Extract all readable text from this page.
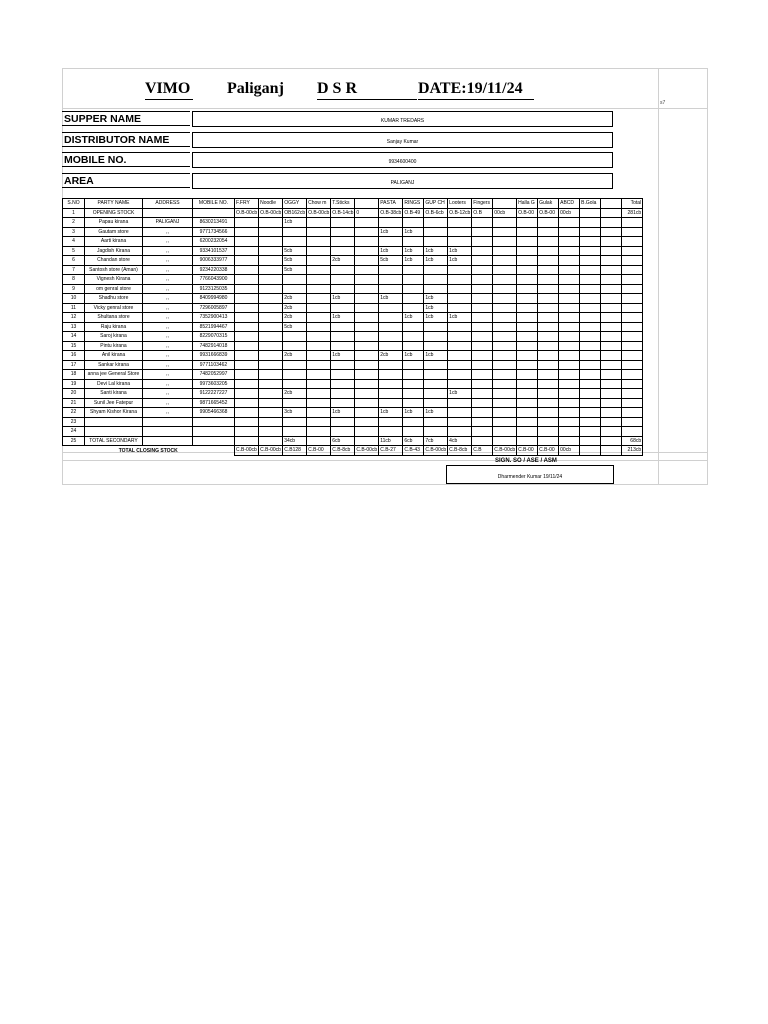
VIMO Paliganj D S R	DATE:19/11/24
s7
SUPPER NAME	KUMAR TREDARS
DISTRIBUTOR NAME	Sanjay Kumar
MOBILE NO.	9934600400
AREA	PALIGANJ
S.NO	PARTY NAME	ADDRESS	MOBILE NO.	F.FRY	Noodle	OGGY	Chow m	T.Sticks		PASTA	RINGS	GUP CH	Looters	Fingers		Halla G	Gulak	ABCD	B.Gola		Total
1	OPENING STOCK			O.B-00cb	O.B-00cb	OB162cb	O.B-00cb	O.B-14cb	0	O.B-38cb	O.B-49	O.B-6cb	O.B-12cb	O.B	00cb	O.B-00	O.B-00	00cb			281cb
2	Papau kirana	PALIGANJ	8630213491			1cb															
3	Gautam store	,,	9771734566							1cb	1cb										
4	Aarti kirana	,,	6200232054																		
5	Jagdish Kirana	,,	9334101537			5cb				1cb	1cb	1cb	1cb								
6	Chandan store	,,	9006333977			5cb		2cb		5cb	1cb	1cb	1cb								
7	Santosh store (Aman)	,,	9234220338			5cb															
8	Vignesh Kirana	,,	7766043900																		
9	om genral store	,,	9123125035																		
10	Shadhu store	,,	8409994980			2cb		1cb		1cb		1cb									
11	Vicky genral store	,,	7296005897			2cb						1cb									
12	Shultana store	,,	7352900413			2cb		1cb			1cb	1cb	1cb								
13	Raju kirana	,,	8521994467			5cb															
14	Saroj kirana	,,	8229070315																		
15	Pintu kirana	,,	7482914018																		
16	Anil kirana	,,	9931666839			2cb		1cb		2cb	1cb	1cb									
17	Sankar kirana	,,	9771103462																		
18	anna jee General Store	,,	7482052997																		
19	Devi Lal kirana	,,	9973603205																		
20	Santi kirana	,,	9122227227			2cb							1cb								
21	Sunil Jee Fatepur	,,	9871665452																		
22	Shyam Kishor Kirana	,,	9905466368			3cb		1cb		1cb	1cb	1cb									
23																					
24																					
25	TOTAL SECONDARY					34cb		6cb		11cb	6cb	7cb	4cb								68cb
TOTAL CLOSING STOCK				C.B-00cb	C.B-00cb	C.B128	C.B-00	C.B-8cb	C.B-00cb	C.B-27	C.B-43	C.B-00cb	C.B-8cb	C.B	C.B-00cb	C.B-00	C.B-00	00cb			213cb
SIGN. SO / ASE / ASM
Dharmender Kumar 19/11/24
